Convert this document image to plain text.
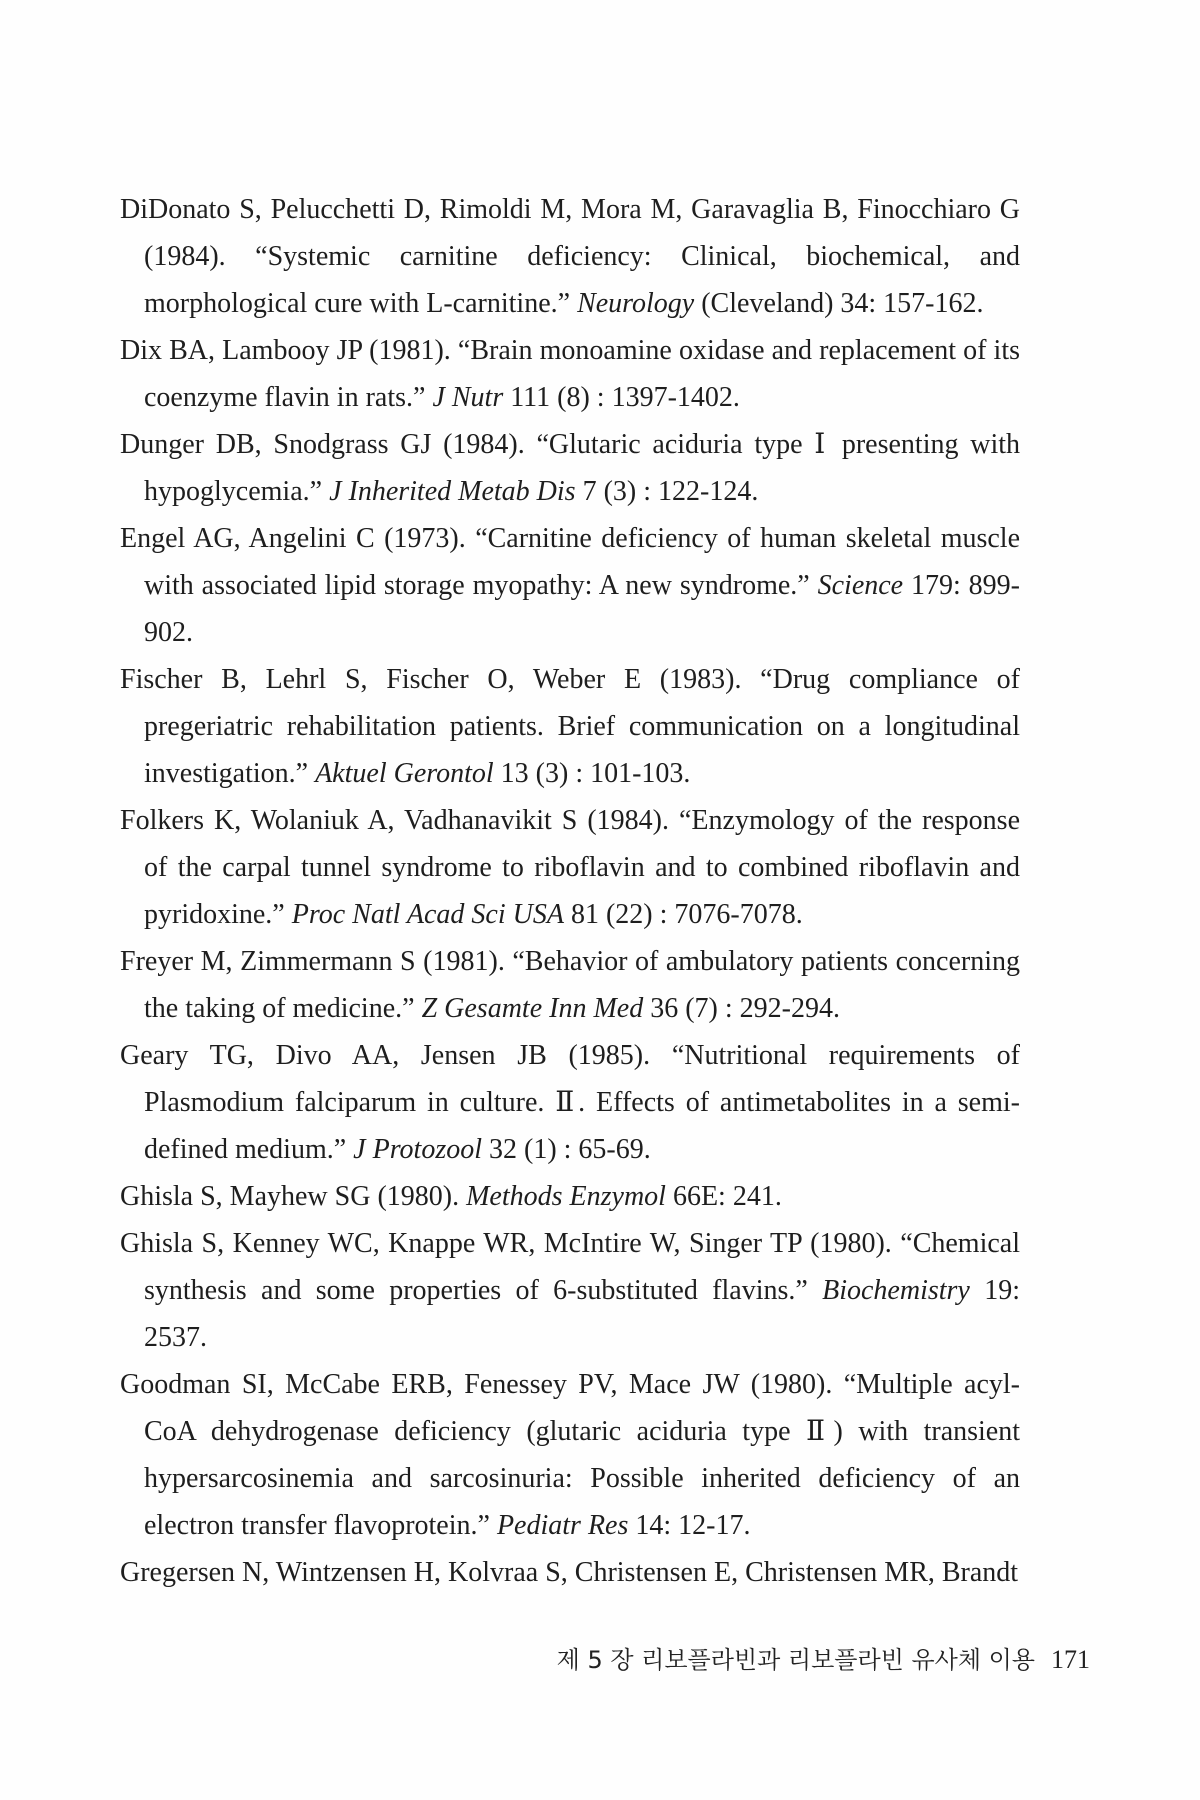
DiDonato S, Pelucchetti D, Rimoldi M, Mora M, Garavaglia B, Finocchiaro G (1984). “Systemic carnitine deficiency: Clinical, biochemical, and morphological cure with L-carnitine.” Neurology (Cleveland) 34: 157-162.

Dix BA, Lambooy JP (1981). “Brain monoamine oxidase and replacement of its coenzyme flavin in rats.” J Nutr 111 (8) : 1397-1402.

Dunger DB, Snodgrass GJ (1984). “Glutaric aciduria type Ⅰ presenting with hypoglycemia.” J Inherited Metab Dis 7 (3) : 122-124.

Engel AG, Angelini C (1973). “Carnitine deficiency of human skeletal muscle with associated lipid storage myopathy: A new syndrome.” Science 179: 899-902.

Fischer B, Lehrl S, Fischer O, Weber E (1983). “Drug compliance of pregeriatric rehabilitation patients. Brief communication on a longitudinal investigation.” Aktuel Gerontol 13 (3) : 101-103.

Folkers K, Wolaniuk A, Vadhanavikit S (1984). “Enzymology of the response of the carpal tunnel syndrome to riboflavin and to combined riboflavin and pyridoxine.” Proc Natl Acad Sci USA 81 (22) : 7076-7078.

Freyer M, Zimmermann S (1981). “Behavior of ambulatory patients concerning the taking of medicine.” Z Gesamte Inn Med 36 (7) : 292-294.

Geary TG, Divo AA, Jensen JB (1985). “Nutritional requirements of Plasmodium falciparum in culture. Ⅱ. Effects of antimetabolites in a semi-defined medium.” J Protozool 32 (1) : 65-69.

Ghisla S, Mayhew SG (1980). Methods Enzymol 66E: 241.

Ghisla S, Kenney WC, Knappe WR, McIntire W, Singer TP (1980). “Chemical synthesis and some properties of 6-substituted flavins.” Biochemistry 19: 2537.

Goodman SI, McCabe ERB, Fenessey PV, Mace JW (1980). “Multiple acyl-CoA dehydrogenase deficiency (glutaric aciduria type Ⅱ) with transient hypersarcosinemia and sarcosinuria: Possible inherited deficiency of an electron transfer flavoprotein.” Pediatr Res 14: 12-17.

Gregersen N, Wintzensen H, Kolvraa S, Christensen E, Christensen MR, Brandt

제 5 장 리보플라빈과 리보플라빈 유사체 이용 171
